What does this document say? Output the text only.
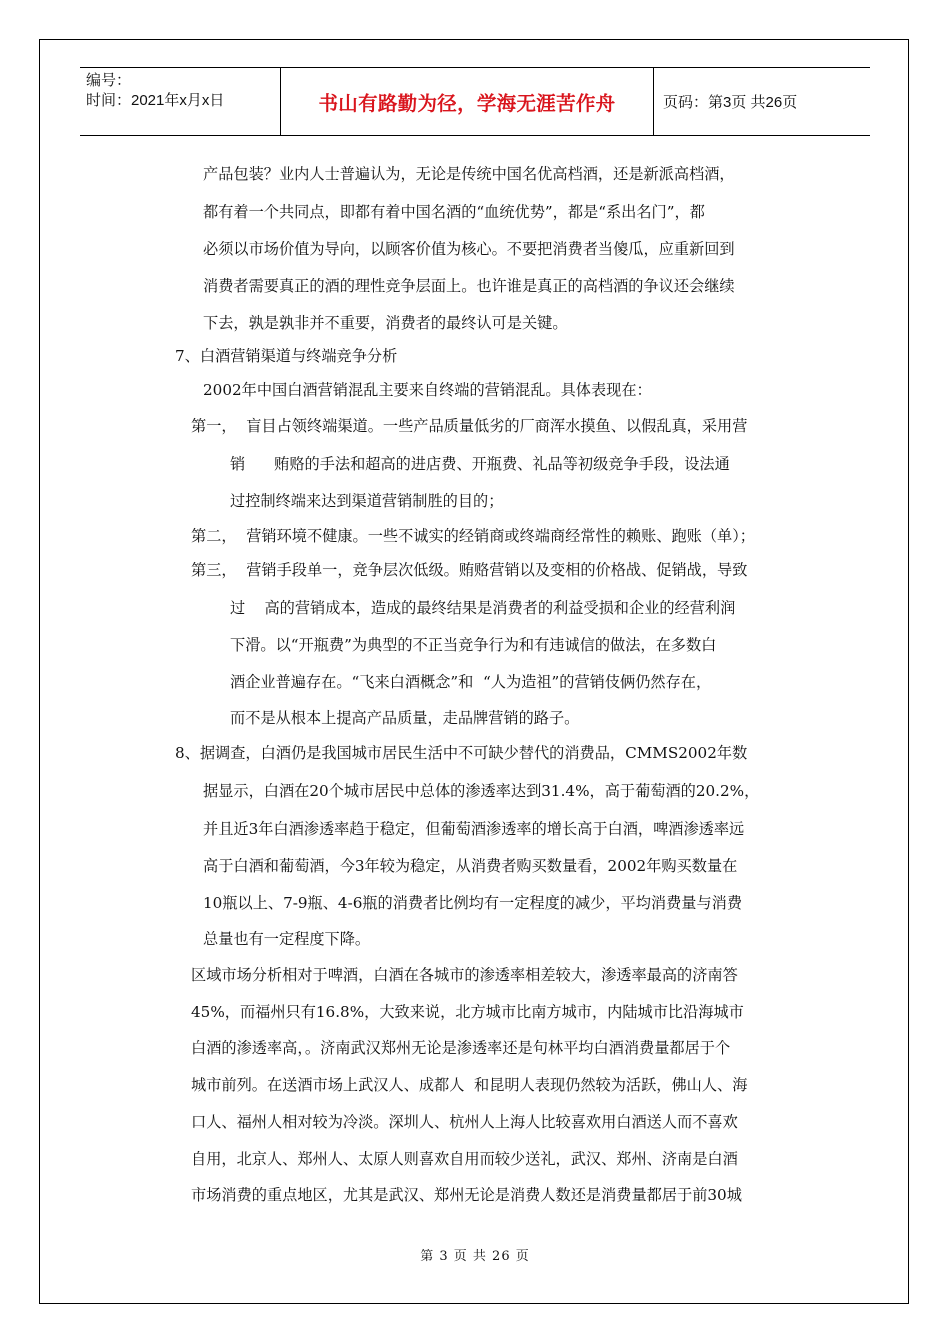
编号：
时间：2021年x月x日	书山有路勤为径，学海无涯苦作舟	页码：第3页 共26页
产品包装？业内人士普遍认为，无论是传统中国名优高档酒，还是新派高档酒，
都有着一个共同点，即都有着中国名酒的“血统优势”，都是“系出名门”，都
必须以市场价值为导向，以顾客价值为核心。不要把消费者当傻瓜，应重新回到
消费者需要真正的酒的理性竞争层面上。也许谁是真正的高档酒的争议还会继续
下去，孰是孰非并不重要，消费者的最终认可是关键。
7、白酒营销渠道与终端竞争分析
2002年中国白酒营销混乱主要来自终端的营销混乱。具体表现在：
第一，  盲目占领终端渠道。一些产品质量低劣的厂商浑水摸鱼、以假乱真，采用营
销      贿赂的手法和超高的进店费、开瓶费、礼品等初级竞争手段，设法通
过控制终端来达到渠道营销制胜的目的；
第二，  营销环境不健康。一些不诚实的经销商或终端商经常性的赖账、跑账（单）；
第三，  营销手段单一，竞争层次低级。贿赂营销以及变相的价格战、促销战，导致
过    高的营销成本，造成的最终结果是消费者的利益受损和企业的经营利润
下滑。以“开瓶费”为典型的不正当竞争行为和有违诚信的做法，在多数白
酒企业普遍存在。“飞来白酒概念”和  “人为造祖”的营销伎俩仍然存在，
而不是从根本上提高产品质量，走品牌营销的路子。
8、据调查，白酒仍是我国城市居民生活中不可缺少替代的消费品，CMMS2002年数
据显示，白酒在20个城市居民中总体的渗透率达到31.4%，高于葡萄酒的20.2%，
并且近3年白酒渗透率趋于稳定，但葡萄酒渗透率的增长高于白酒，啤酒渗透率远
高于白酒和葡萄酒，今3年较为稳定，从消费者购买数量看，2002年购买数量在
10瓶以上、7-9瓶、4-6瓶的消费者比例均有一定程度的减少，平均消费量与消费
总量也有一定程度下降。
区域市场分析相对于啤酒，白酒在各城市的渗透率相差较大，渗透率最高的济南答
45%，而福州只有16.8%，大致来说，北方城市比南方城市，内陆城市比沿海城市
白酒的渗透率高，。济南武汉郑州无论是渗透率还是句林平均白酒消费量都居于个
城市前列。在送酒市场上武汉人、成都人  和昆明人表现仍然较为活跃，佛山人、海
口人、福州人相对较为冷淡。深圳人、杭州人上海人比较喜欢用白酒送人而不喜欢
自用，北京人、郑州人、太原人则喜欢自用而较少送礼，武汉、郑州、济南是白酒
市场消费的重点地区，尤其是武汉、郑州无论是消费人数还是消费量都居于前30城
第 3 页 共 26 页
